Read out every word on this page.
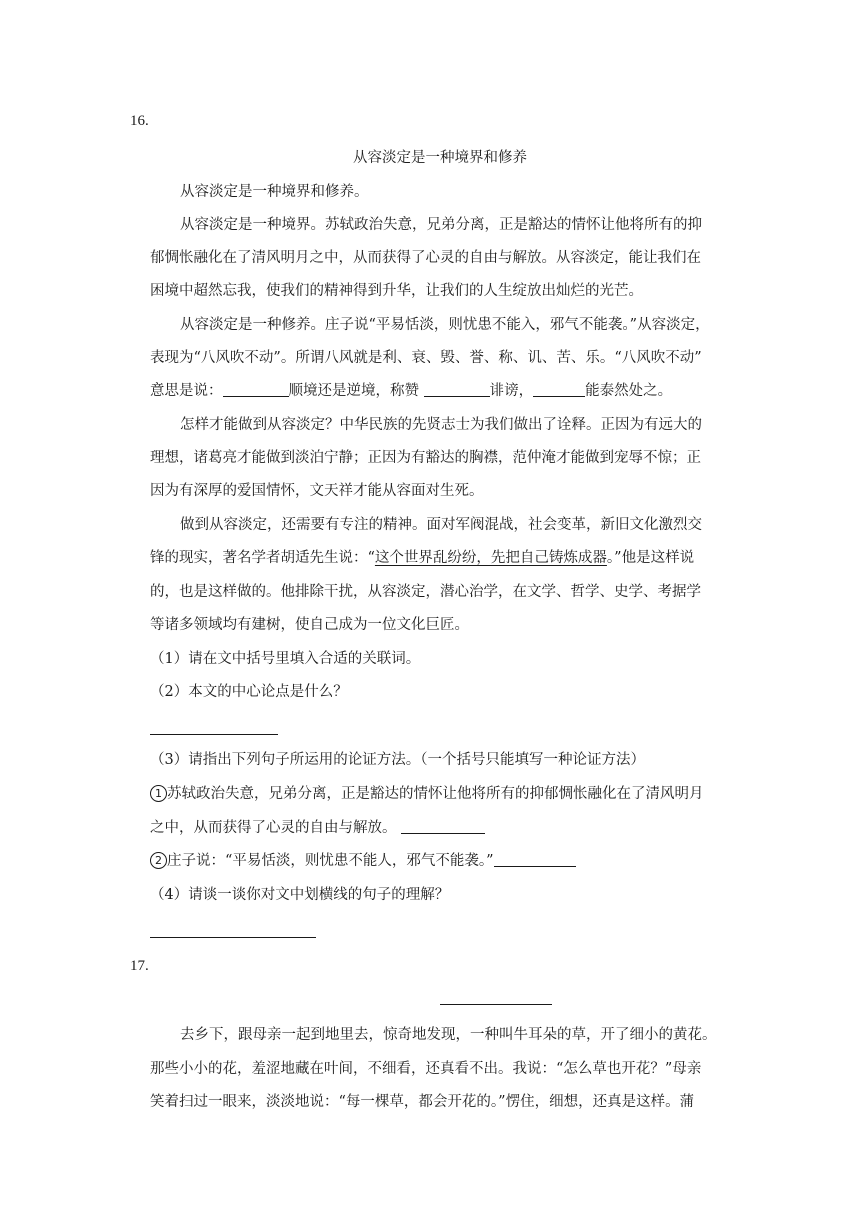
16.
从容淡定是一种境界和修养
从容淡定是一种境界和修养。
从容淡定是一种境界。苏轼政治失意，兄弟分离，正是豁达的情怀让他将所有的抑
郁惆怅融化在了清风明月之中，从而获得了心灵的自由与解放。从容淡定，能让我们在
困境中超然忘我，使我们的精神得到升华，让我们的人生绽放出灿烂的光芒。
从容淡定是一种修养。庄子说“平易恬淡，则忧患不能入，邪气不能袭。”从容淡定，
表现为“八风吹不动”。所谓八风就是利、衰、毁、誉、称、讥、苦、乐。“八风吹不动”
意思是说：	顺境还是逆境，称赞	诽谤，	能泰然处之。
怎样才能做到从容淡定？中华民族的先贤志士为我们做出了诠释。正因为有远大的
理想，诸葛亮才能做到淡泊宁静；正因为有豁达的胸襟，范仲淹才能做到宠辱不惊；正
因为有深厚的爱国情怀，文天祥才能从容面对生死。
做到从容淡定，还需要有专注的精神。面对军阀混战，社会变革，新旧文化激烈交
锋的现实，著名学者胡适先生说：“这个世界乱纷纷，先把自己铸炼成器。”他是这样说
的，也是这样做的。他排除干扰，从容淡定，潜心治学，在文学、哲学、史学、考据学
等诸多领域均有建树，使自己成为一位文化巨匠。
（1）请在文中括号里填入合适的关联词。
（2）本文的中心论点是什么？
（3）请指出下列句子所运用的论证方法。（一个括号只能填写一种论证方法）
1 苏轼政治失意，兄弟分离，正是豁达的情怀让他将所有的抑郁惆怅融化在了清风明月
之中，从而获得了心灵的自由与解放。
2 庄子说：“平易恬淡，则忧患不能人，邪气不能袭。”
（4）请谈一谈你对文中划横线的句子的理解？
17.
去乡下，跟母亲一起到地里去，惊奇地发现，一种叫牛耳朵的草，开了细小的黄花。
那些小小的花，羞涩地藏在叶间，不细看，还真看不出。我说：“怎么草也开花？”母亲
笑着扫过一眼来，淡淡地说：“每一棵草，都会开花的。”愣住，细想，还真是这样。蒲
